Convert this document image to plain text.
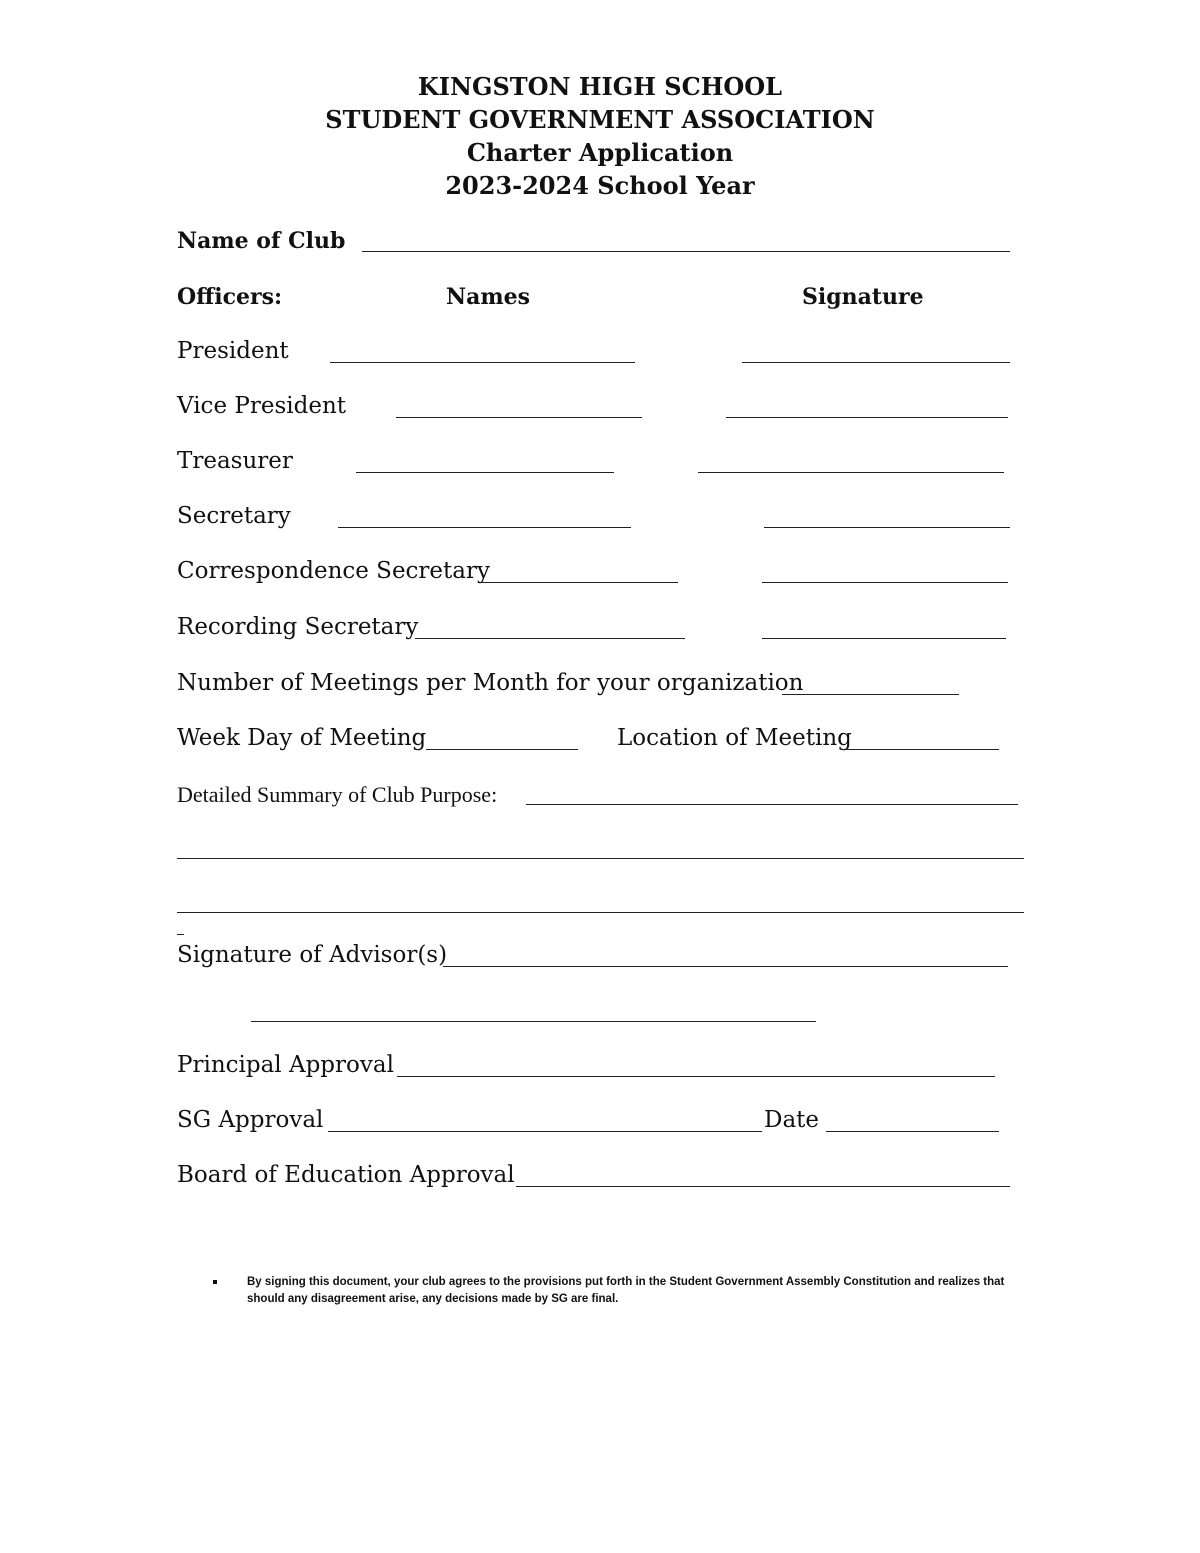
KINGSTON HIGH SCHOOL
STUDENT GOVERNMENT ASSOCIATION
Charter Application
2023-2024 School Year
Name of Club
Officers:	Names	Signature
President
Vice President
Treasurer
Secretary
Correspondence Secretary
Recording Secretary
Number of Meetings per Month for your organization
Week Day of Meeting	Location of Meeting
Detailed Summary of Club Purpose:
Signature of Advisor(s)
Principal Approval
SG Approval	Date
Board of Education Approval
By signing this document, your club agrees to the provisions put forth in the Student Government Assembly Constitution and realizes that should any disagreement arise, any decisions made by SG are final.
